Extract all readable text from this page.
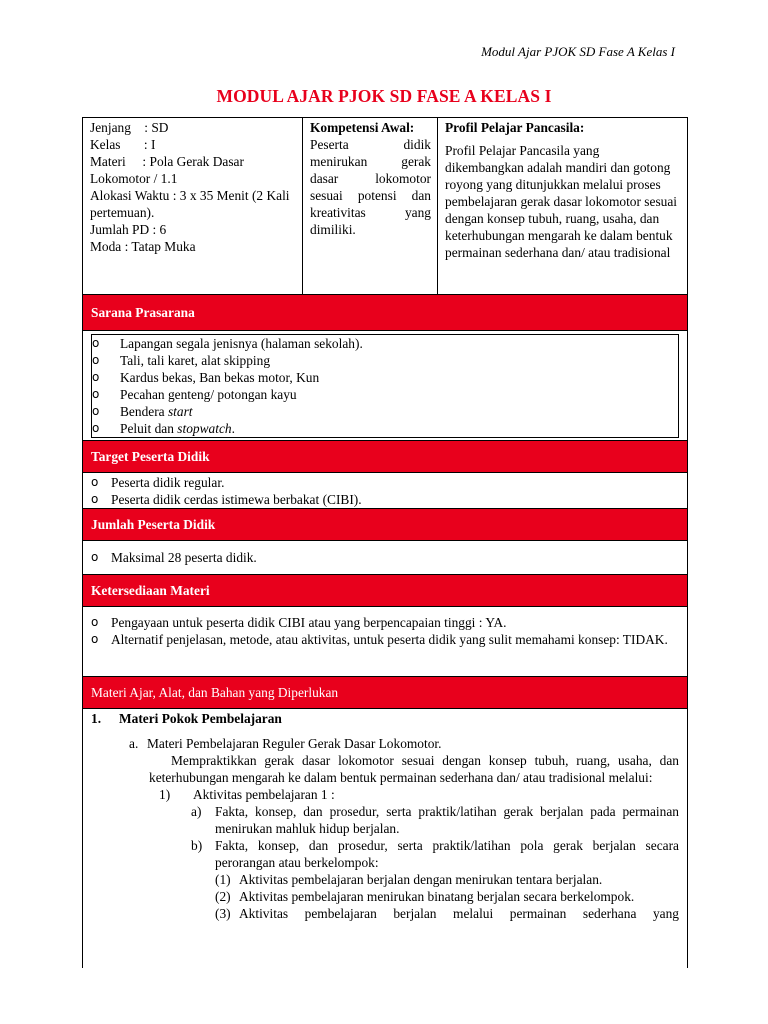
Modul Ajar PJOK SD Fase A Kelas I
MODUL AJAR PJOK SD FASE A KELAS I
Jenjang    : SD
Kelas       : I
Materi     : Pola Gerak Dasar Lokomotor / 1.1
Alokasi Waktu : 3 x 35 Menit (2 Kali pertemuan).
Jumlah PD : 6
Moda : Tatap Muka
Kompetensi Awal:
Peserta didik menirukan gerak dasar lokomotor sesuai potensi dan kreativitas yang dimiliki.
Profil Pelajar Pancasila:
Profil Pelajar Pancasila yang dikembangkan adalah mandiri dan gotong royong yang ditunjukkan melalui proses pembelajaran gerak dasar lokomotor sesuai dengan konsep tubuh, ruang, usaha, dan keterhubungan mengarah ke dalam bentuk permainan sederhana dan/ atau tradisional
Sarana Prasarana
o	Lapangan segala jenisnya (halaman sekolah).
o	Tali, tali karet, alat skipping
o	Kardus bekas, Ban bekas motor, Kun
o	Pecahan genteng/ potongan kayu
o	Bendera start
o	Peluit dan stopwatch.
Target Peserta Didik
o Peserta didik regular.
o Peserta didik cerdas istimewa berbakat (CIBI).
Jumlah Peserta Didik
o Maksimal 28 peserta didik.
Ketersediaan Materi
o Pengayaan untuk peserta didik CIBI atau yang berpencapaian tinggi : YA.
o Alternatif penjelasan, metode, atau aktivitas, untuk peserta didik yang sulit memahami konsep: TIDAK.
Materi Ajar, Alat, dan Bahan yang Diperlukan
1.	Materi Pokok Pembelajaran
a. Materi Pembelajaran Reguler Gerak Dasar Lokomotor.
Mempraktikkan gerak dasar lokomotor sesuai dengan konsep tubuh, ruang, usaha, dan keterhubungan mengarah ke dalam bentuk permainan sederhana dan/ atau tradisional melalui:
1)	Aktivitas pembelajaran 1 :
a)	Fakta, konsep, dan prosedur, serta praktik/latihan gerak berjalan pada permainan menirukan mahluk hidup berjalan.
b) Fakta, konsep, dan prosedur, serta praktik/latihan pola gerak berjalan secara perorangan atau berkelompok:
(1) Aktivitas pembelajaran berjalan dengan menirukan tentara berjalan.
(2) Aktivitas pembelajaran menirukan binatang berjalan secara berkelompok.
(3) Aktivitas pembelajaran berjalan melalui permainan sederhana yang
